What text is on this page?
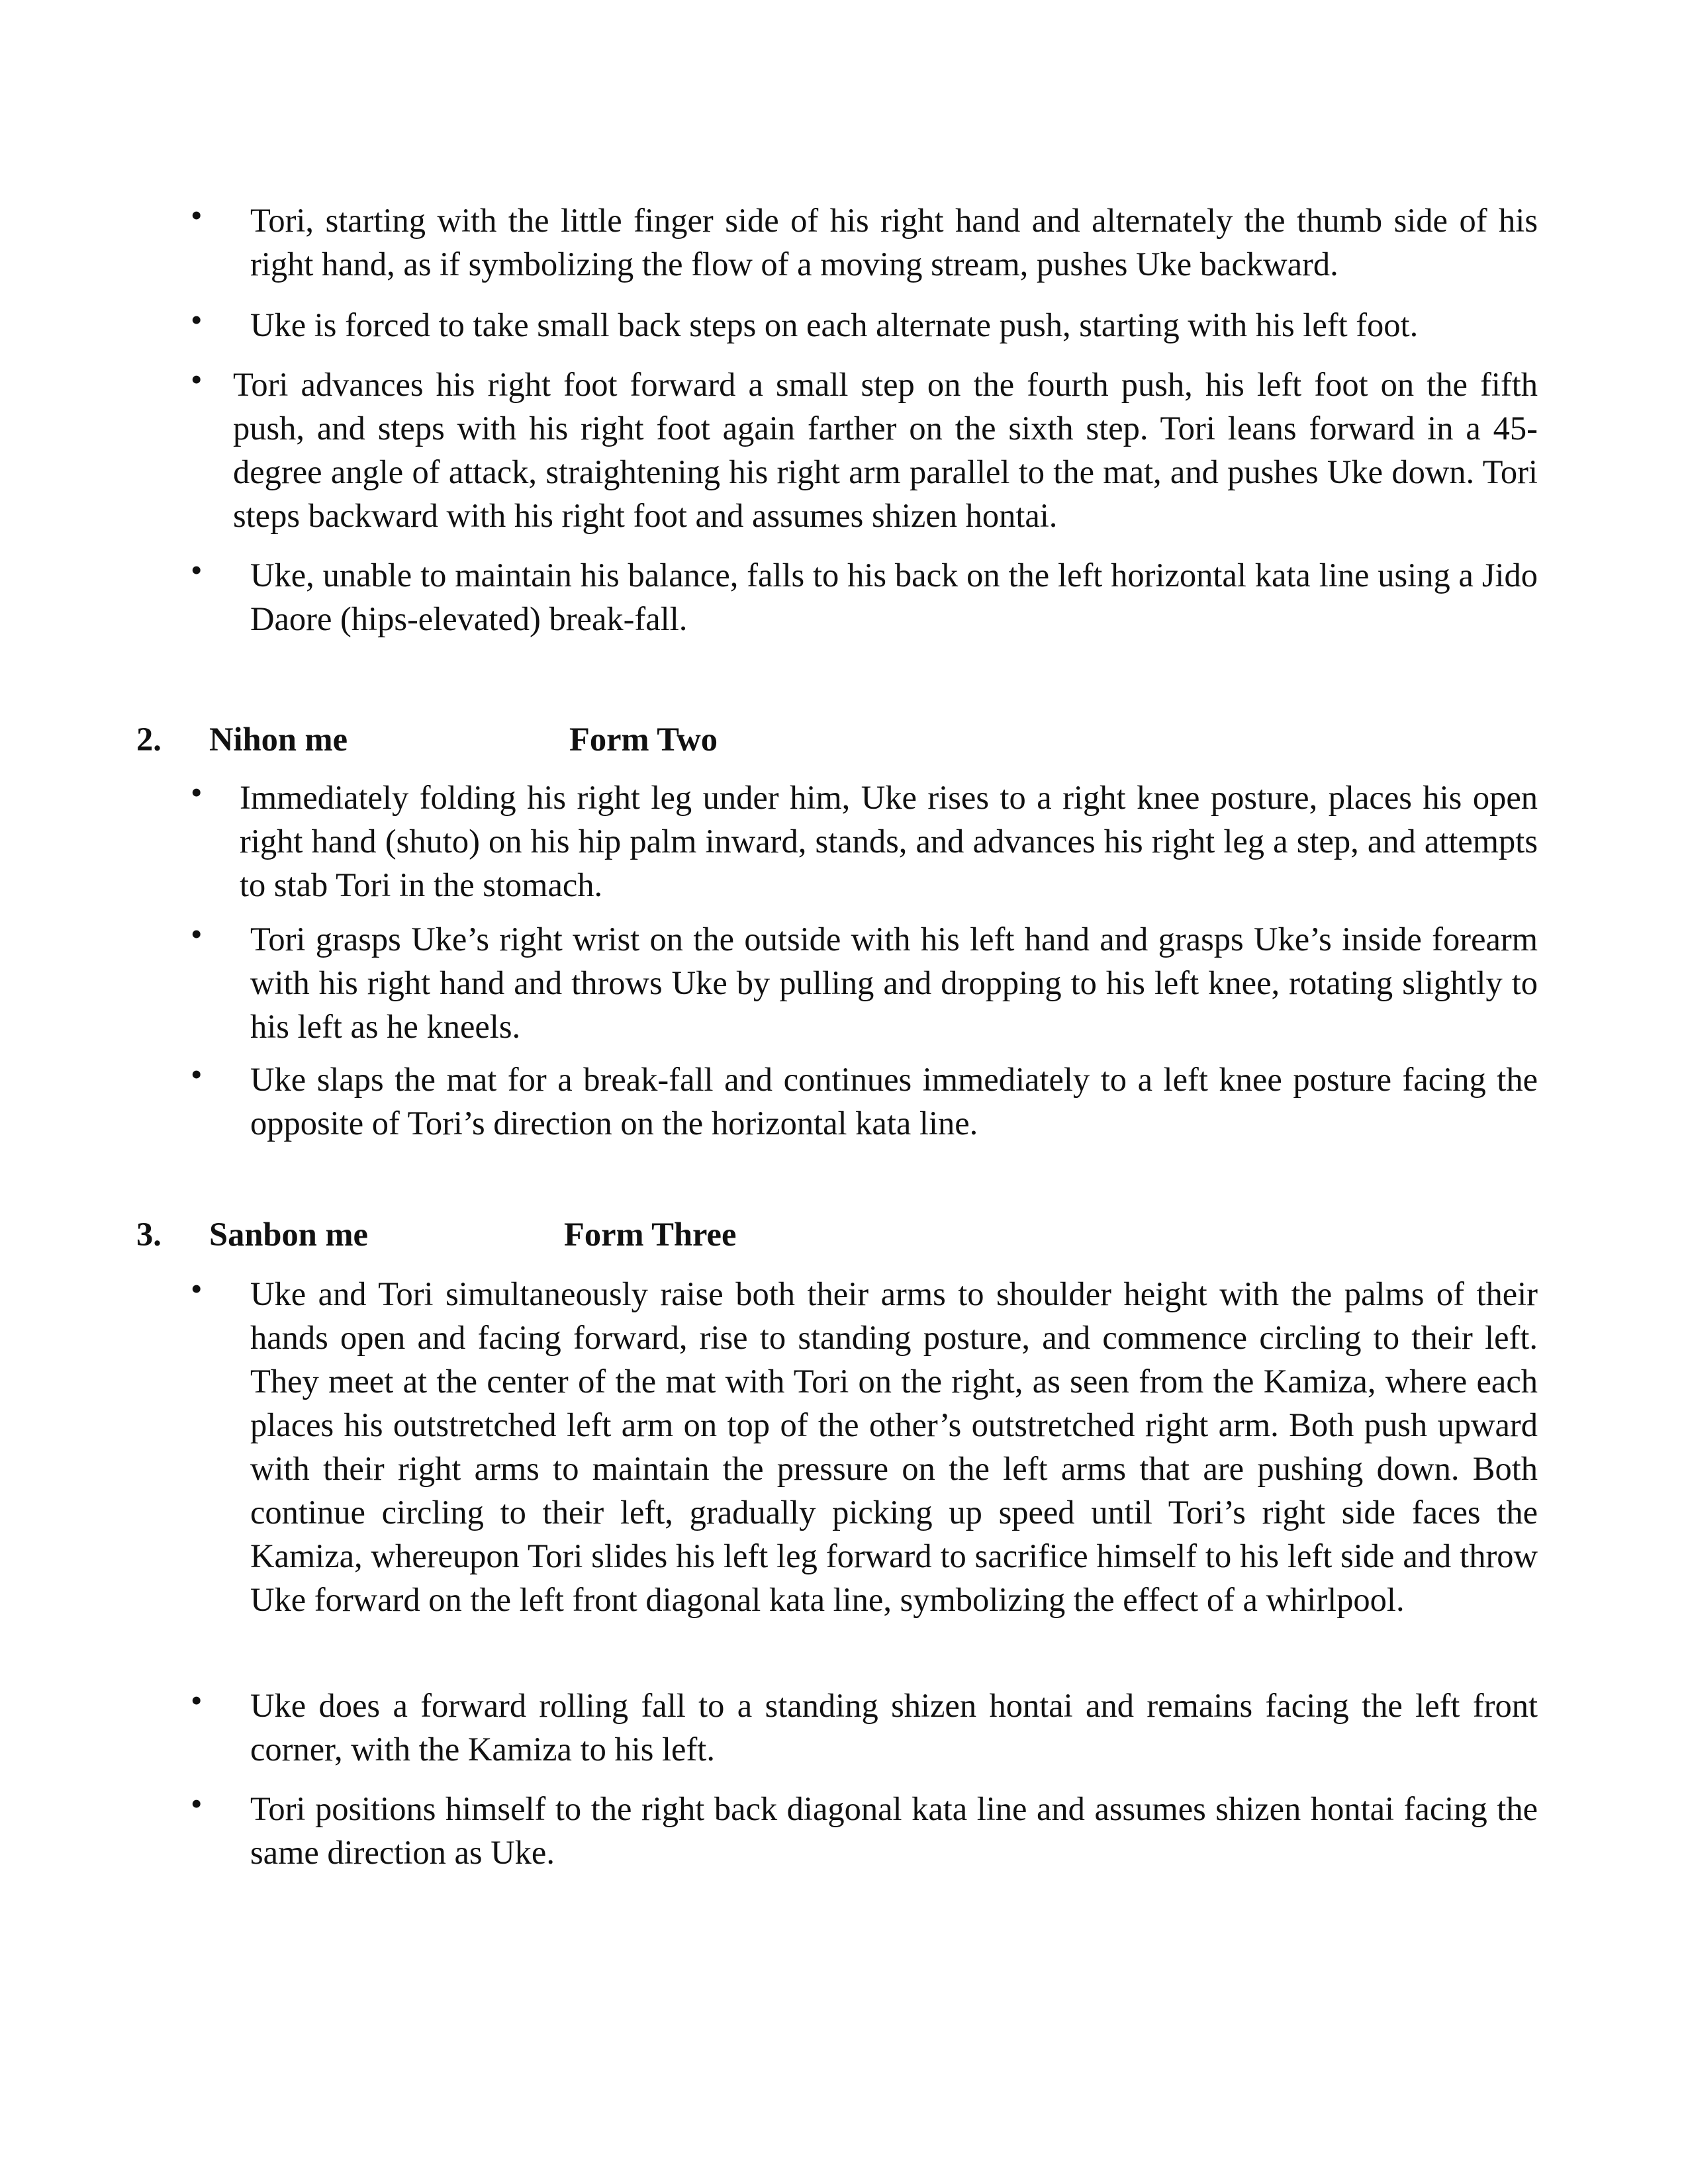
• Tori, starting with the little finger side of his right hand and alternately the thumb side of his right hand, as if symbolizing the flow of a moving stream, pushes Uke backward.
• Uke is forced to take small back steps on each alternate push, starting with his left foot.
• Tori advances his right foot forward a small step on the fourth push, his left foot on the fifth push, and steps with his right foot again farther on the sixth step. Tori leans forward in a 45-degree angle of attack, straightening his right arm parallel to the mat, and pushes Uke down. Tori steps backward with his right foot and assumes shizen hontai.
• Uke, unable to maintain his balance, falls to his back on the left horizontal kata line using a Jido Daore (hips-elevated) break-fall.
2. Nihon me	Form Two
• Immediately folding his right leg under him, Uke rises to a right knee posture, places his open right hand (shuto) on his hip palm inward, stands, and advances his right leg a step, and attempts to stab Tori in the stomach.
• Tori grasps Uke’s right wrist on the outside with his left hand and grasps Uke’s inside forearm with his right hand and throws Uke by pulling and dropping to his left knee, rotating slightly to his left as he kneels.
• Uke slaps the mat for a break-fall and continues immediately to a left knee posture facing the opposite of Tori’s direction on the horizontal kata line.
3. Sanbon me	Form Three
• Uke and Tori simultaneously raise both their arms to shoulder height with the palms of their hands open and facing forward, rise to standing posture, and commence circling to their left. They meet at the center of the mat with Tori on the right, as seen from the Kamiza, where each places his outstretched left arm on top of the other’s outstretched right arm. Both push upward with their right arms to maintain the pressure on the left arms that are pushing down. Both continue circling to their left, gradually picking up speed until Tori’s right side faces the Kamiza, whereupon Tori slides his left leg forward to sacrifice himself to his left side and throw Uke forward on the left front diagonal kata line, symbolizing the effect of a whirlpool.
• Uke does a forward rolling fall to a standing shizen hontai and remains facing the left front corner, with the Kamiza to his left.
• Tori positions himself to the right back diagonal kata line and assumes shizen hontai facing the same direction as Uke.
